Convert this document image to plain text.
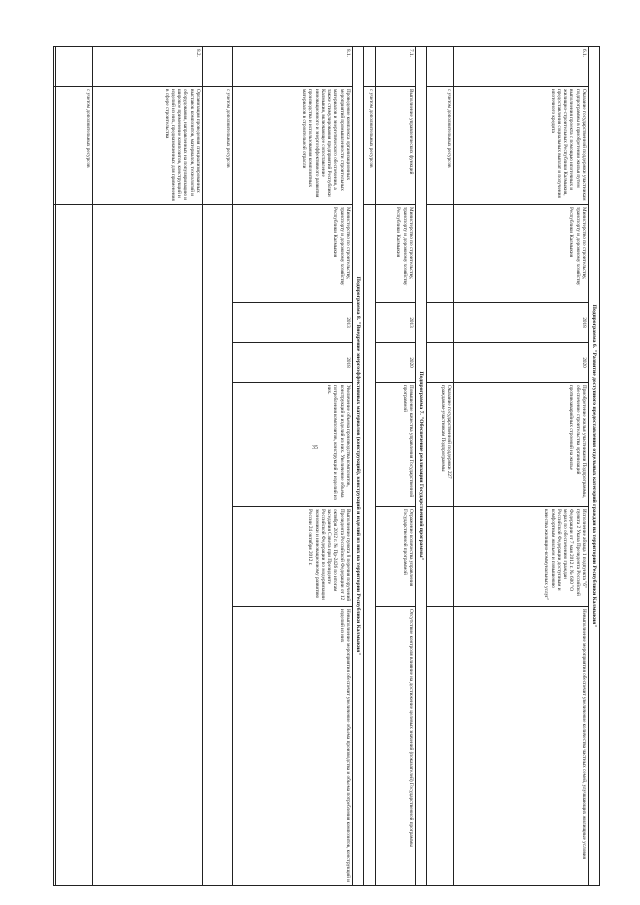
35	Подпрограмма 6. "Развитие доступного предоставления отдельных категорий граждан на территории Республики Калмыкия"
6.1.
Оказание государственной поддержки участникам подпрограммы в приобретении жилья путем выполнения проекта с помощью ипотечных и жилищно-строительных Республики Калмыкия, предоставления социальных выплат и получения ипотечного кредита
Министерство по строительству, транспорту и дорожному хозяйству Республики Калмыкия
2018
2020
Приобретение жилья участниками Подпрограммы, обеспечение строительства организаций противоаварийных строений на жилье
Исполнение абзаца 1 подпункта "б" пункта 2 Указа Президента Российской Федерации от 7 мая 2012 г. № 600 "О мерах по обеспечению граждан Российской Федерации доступным и комфортным жильем и повышению качества жилищно-коммунальных услуг"
Невыполнение мероприятия обеспечит увеличение количества частных семей, улучшающих жилищные условия
с учетом дополнительных ресурсов
Оказание государственной поддержки 227 гражданам-участникам Подпрограммы
Подпрограмма 7. "Обеспечение реализации Государственной программы"
7.1.
Выполнение управленческих функций
Министерство по строительству, транспорту и дорожному хозяйству Республики Калмыкия
2013
2020
Повышение качества управления Государственной программой
Отражение количества управления Государственной программой
Отсутствие контроля влияние на достижение целевых значений (показателей) Государственной программы
с учетом дополнительных ресурсов
Подпрограмма 8. "Внедрение энергоэффективных материалов (конструкций), конструкций и изделий из них на территории Республики Калмыкия"
8.1.
Проведение комплекса организационных мероприятий промышленности строительных материалов и энергетического обеспечения, а также стимулирования предприятий Республики Калмыкия, включающее сопоставление инновационного и энергоэффективного развития производства и использования композитных материалов в строительной отрасли
Министерство по строительству, транспорту и дорожному хозяйству Республики Калмыкия
2013
2018
Увеличение объема производства композитов, конструкций и изделий из них. Увеличение объема потребления композитов, конструкций и изделий из них.
Выполнение пункта 8 перечня поручений Президента Российской Федерации от 12 октября 2012 г. № Пр-2426 по итогам заседания Совета при Президенте Российской Федерации по модернизации экономики и инновационному развитию России 24 октября 2012 г.
Невыполнение мероприятия обеспечит увеличение объема производства и объема потребления композитов, конструкций и изделий из них
с учетом дополнительных ресурсов
8.2.
Организация проведения специализированных выставок композитов, материалов, технологий и оборудования, направленных на популяризацию и широкое применение композитов, конструкций и изделий из них, предназначенных для применения в сфере строительства
с учетом дополнительных ресурсов
